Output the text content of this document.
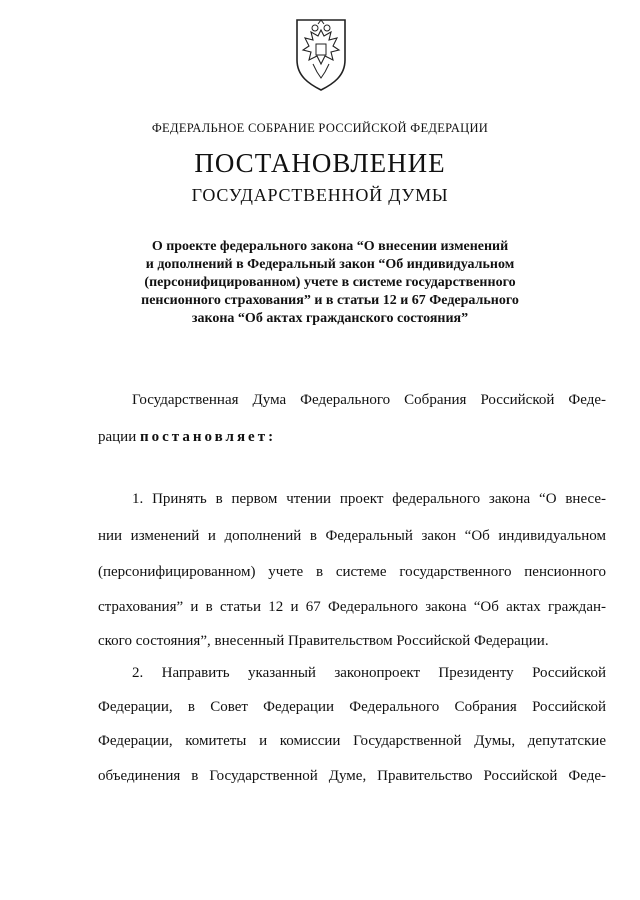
ФЕДЕРАЛЬНОЕ СОБРАНИЕ РОССИЙСКОЙ ФЕДЕРАЦИИ
ПОСТАНОВЛЕНИЕ
ГОСУДАРСТВЕННОЙ ДУМЫ
О проекте федерального закона “О внесении изменений
и дополнений в Федеральный закон “Об индивидуальном
(персонифицированном) учете в системе государственного
пенсионного страхования” и в статьи 12 и 67 Федерального
закона “Об актах гражданского состояния”
Государственная Дума Федерального Собрания Российской Феде-
рации постановляет:
1. Принять в первом чтении проект федерального закона “О внесе-
нии изменений и дополнений в Федеральный закон “Об индивидуальном
(персонифицированном) учете в системе государственного пенсионного
страхования” и в статьи 12 и 67 Федерального закона “Об актах граждан-
ского состояния”, внесенный Правительством Российской Федерации.
2. Направить указанный законопроект Президенту Российской
Федерации, в Совет Федерации Федерального Собрания Российской
Федерации, комитеты и комиссии Государственной Думы, депутатские
объединения в Государственной Думе, Правительство Российской Феде-
